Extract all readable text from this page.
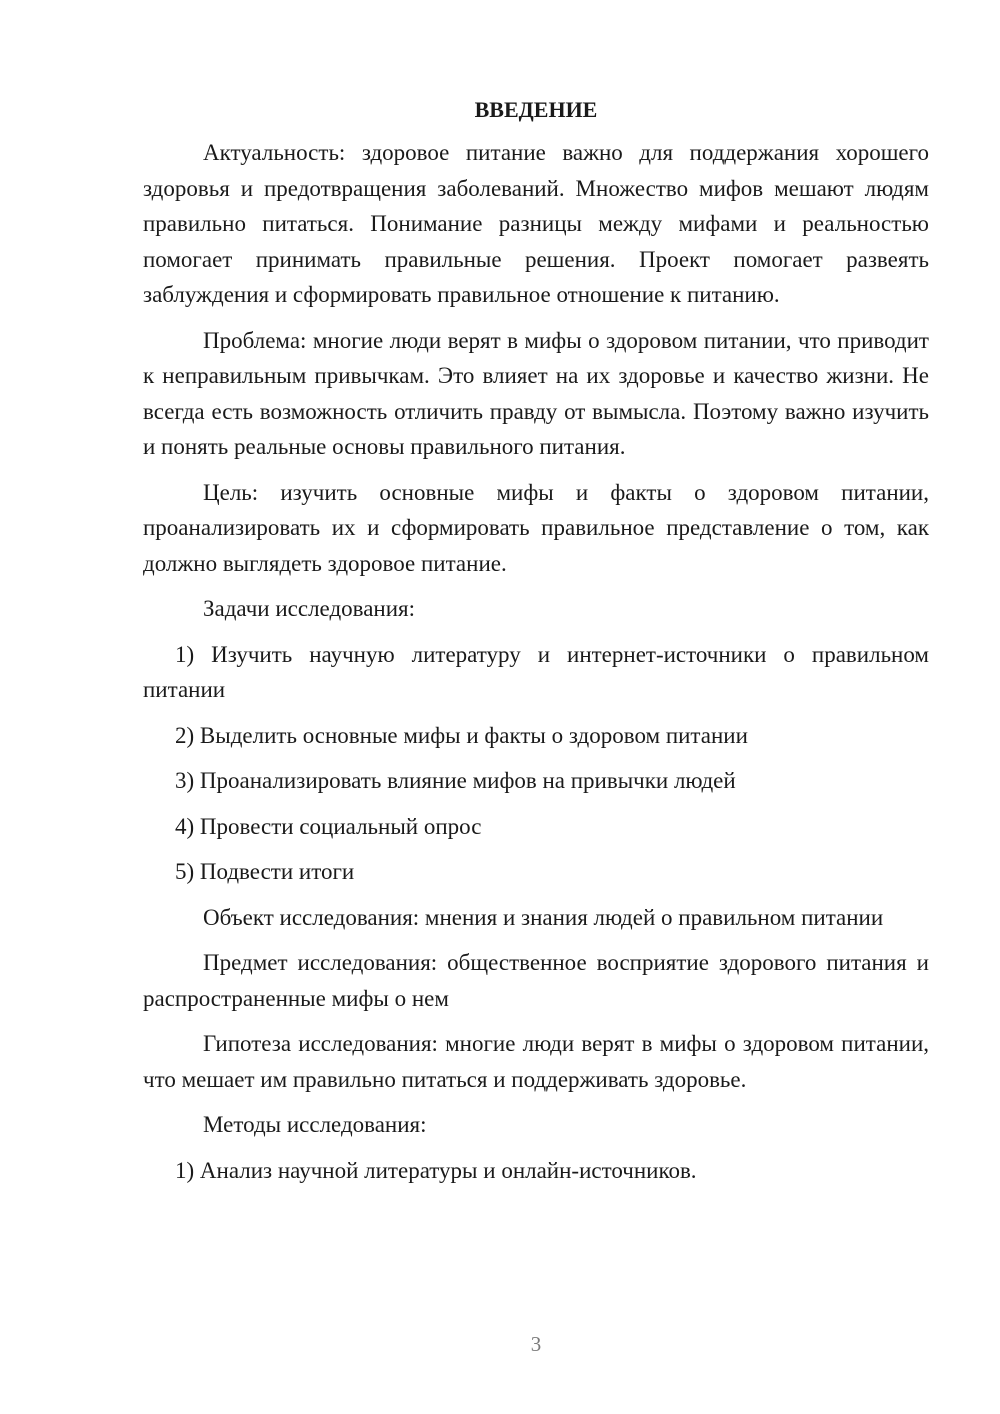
ВВЕДЕНИЕ

Актуальность: здоровое питание важно для поддержания хорошего здоровья и предотвращения заболеваний. Множество мифов мешают людям правильно питаться. Понимание разницы между мифами и реальностью помогает принимать правильные решения. Проект помогает развеять заблуждения и сформировать правильное отношение к питанию.

Проблема: многие люди верят в мифы о здоровом питании, что приводит к неправильным привычкам. Это влияет на их здоровье и качество жизни. Не всегда есть возможность отличить правду от вымысла. Поэтому важно изучить и понять реальные основы правильного питания.

Цель: изучить основные мифы и факты о здоровом питании, проанализировать их и сформировать правильное представление о том, как должно выглядеть здоровое питание.

Задачи исследования:

1) Изучить научную литературу и интернет-источники о правильном питании

2) Выделить основные мифы и факты о здоровом питании

3) Проанализировать влияние мифов на привычки людей

4) Провести социальный опрос

5) Подвести итоги

Объект исследования: мнения и знания людей о правильном питании

Предмет исследования: общественное восприятие здорового питания и распространенные мифы о нем

Гипотеза исследования: многие люди верят в мифы о здоровом питании, что мешает им правильно питаться и поддерживать здоровье.

Методы исследования:

1) Анализ научной литературы и онлайн-источников.

3
